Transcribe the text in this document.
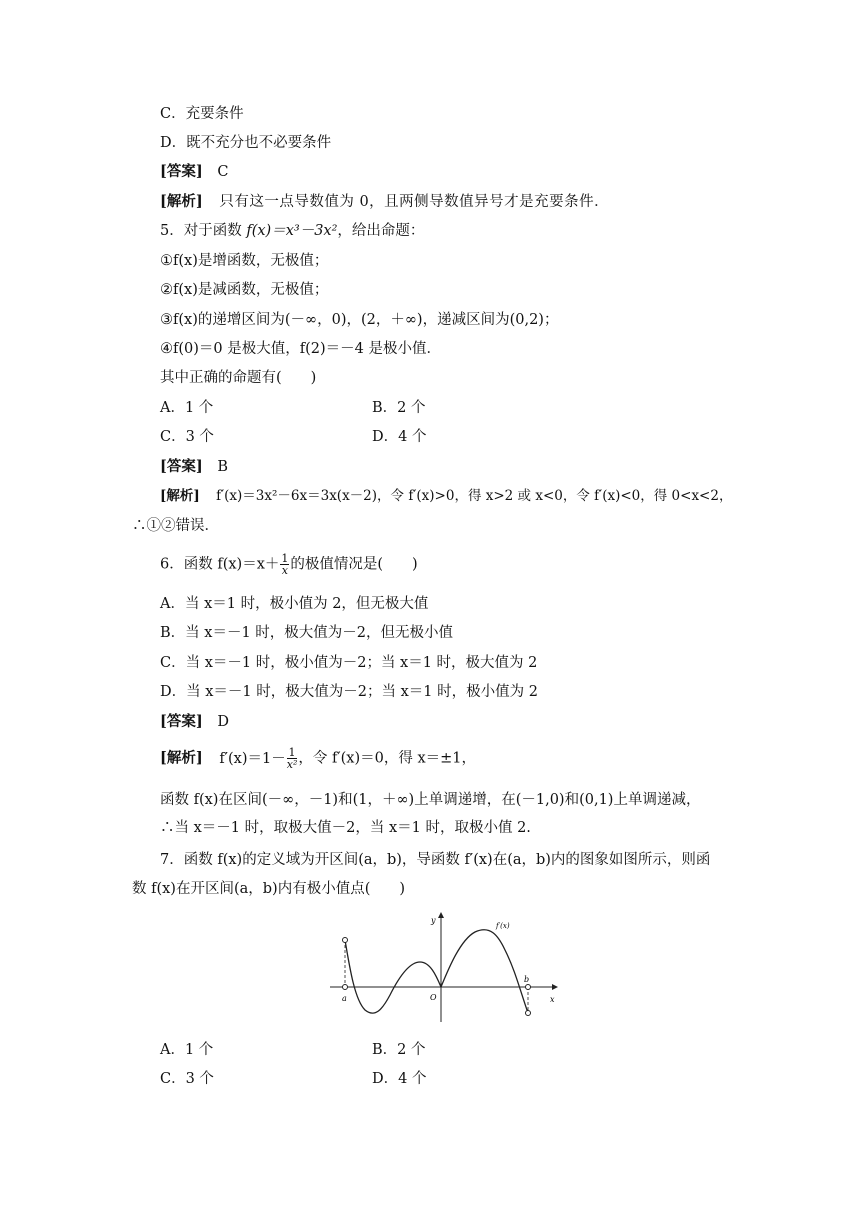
C．充要条件
D．既不充分也不必要条件
[答案] C
[解析] 只有这一点导数值为 0，且两侧导数值异号才是充要条件．
5．对于函数 f(x)＝x³－3x²，给出命题：
①f(x)是增函数，无极值；
②f(x)是减函数，无极值；
③f(x)的递增区间为(－∞，0)，(2，＋∞)，递减区间为(0,2)；
④f(0)＝0 是极大值，f(2)＝－4 是极小值．
其中正确的命题有(　　)
A．1 个	B．2 个
C．3 个	D．4 个
[答案] B
[解析] f′(x)＝3x²－6x＝3x(x－2)，令 f′(x)>0，得 x>2 或 x<0，令 f′(x)<0，得 0<x<2，
∴①②错误．
6．函数 $f(x)=x+ \frac{1}{x}$ 的极值情况是(　　)
A．当 x＝1 时，极小值为 2，但无极大值
B．当 x＝－1 时，极大值为－2，但无极小值
C．当 x＝－1 时，极小值为－2；当 x＝1 时，极大值为 2
D．当 x＝－1 时，极大值为－2；当 x＝1 时，极小值为 2
[答案] D
[解析] $f'(x)=1- \frac{1}{\text{x²}}$ ，令 f′(x)＝0，得 x＝±1，
函数 f(x)在区间(－∞，－1)和(1，＋∞)上单调递增，在(－1,0)和(0,1)上单调递减，
∴当 x＝－1 时，取极大值－2，当 x＝1 时，取极小值 2.
7．函数 f(x)的定义域为开区间(a，b)，导函数 f′(x)在(a，b)内的图象如图所示，则函
数 f(x)在开区间(a，b)内有极小值点(　　)
x
y
O
a
b
f′(x)
A．1 个	B．2 个
C．3 个	D．4 个
